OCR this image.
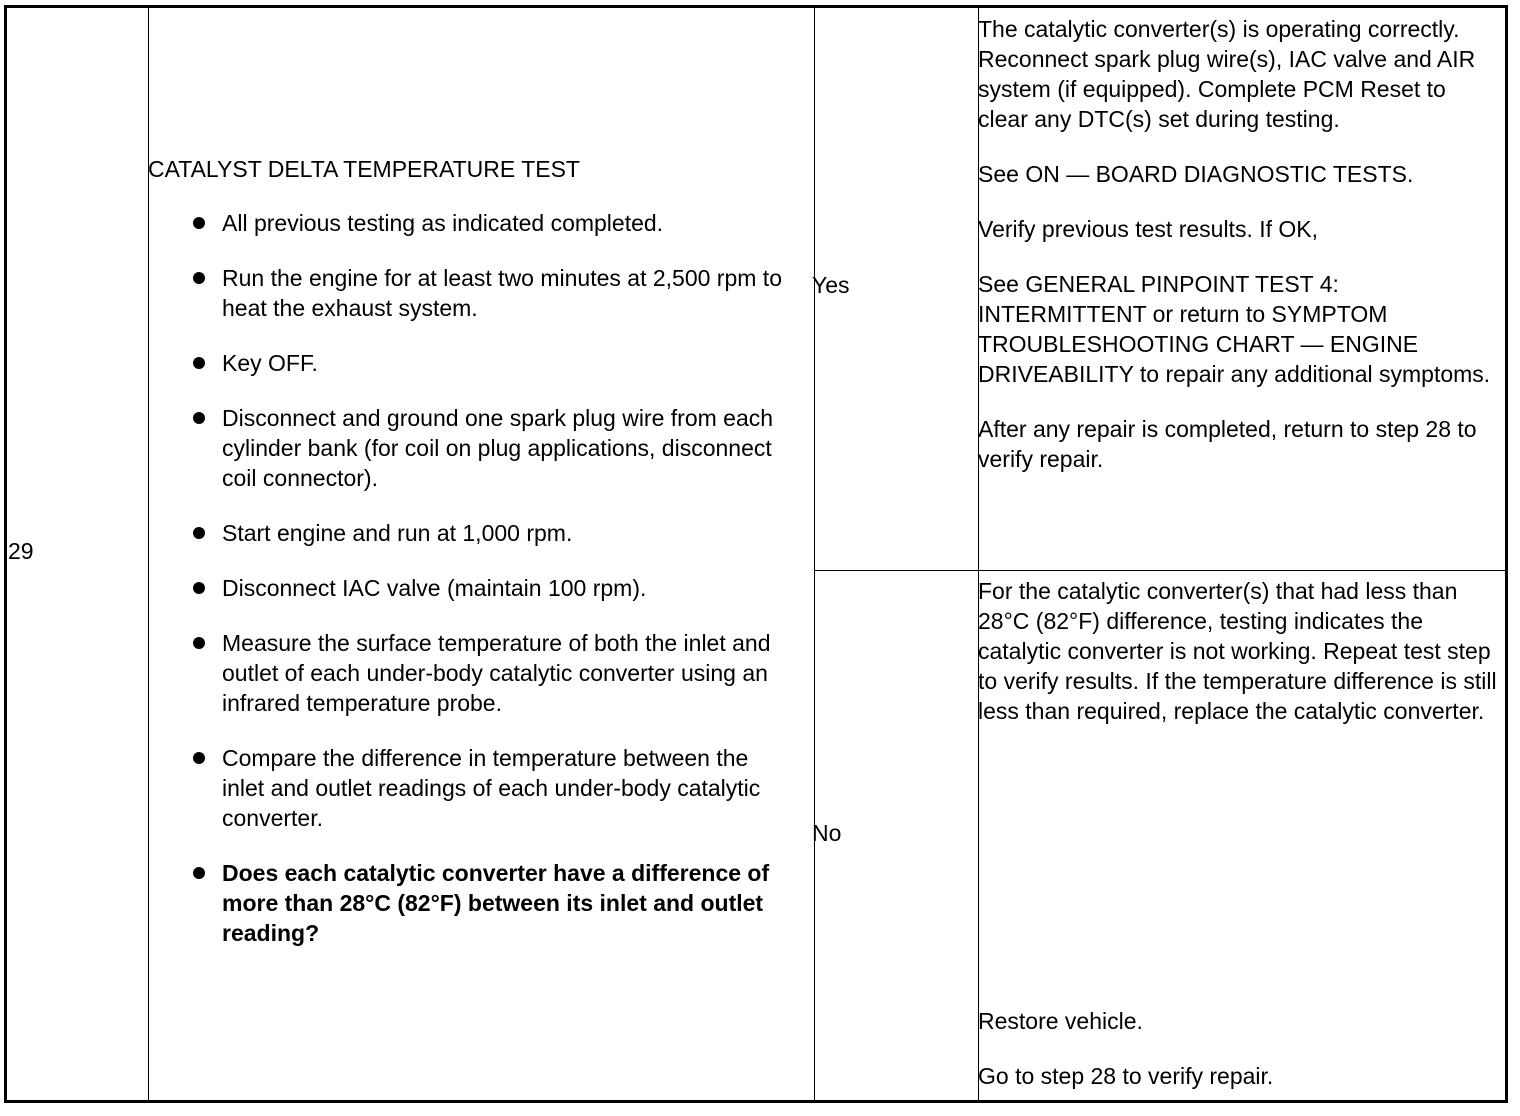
29
CATALYST DELTA TEMPERATURE TEST
All previous testing as indicated completed.
Run the engine for at least two minutes at 2,500 rpm to heat the exhaust system.
Key OFF.
Disconnect and ground one spark plug wire from each cylinder bank (for coil on plug applications, disconnect coil connector).
Start engine and run at 1,000 rpm.
Disconnect IAC valve (maintain 100 rpm).
Measure the surface temperature of both the inlet and outlet of each under-body catalytic converter using an infrared temperature probe.
Compare the difference in temperature between the inlet and outlet readings of each under-body catalytic converter.
Does each catalytic converter have a difference of more than 28°C (82°F) between its inlet and outlet reading?
Yes
No

The catalytic converter(s) is operating correctly. Reconnect spark plug wire(s), IAC valve and AIR system (if equipped). Complete PCM Reset to clear any DTC(s) set during testing.

See ON — BOARD DIAGNOSTIC TESTS.

Verify previous test results. If OK,

See GENERAL PINPOINT TEST 4: INTERMITTENT or return to SYMPTOM TROUBLESHOOTING CHART — ENGINE DRIVEABILITY to repair any additional symptoms.

After any repair is completed, return to step 28 to verify repair.

For the catalytic converter(s) that had less than 28°C (82°F) difference, testing indicates the catalytic converter is not working. Repeat test step to verify results. If the temperature difference is still less than required, replace the catalytic converter.

Restore vehicle.

Go to step 28 to verify repair.
